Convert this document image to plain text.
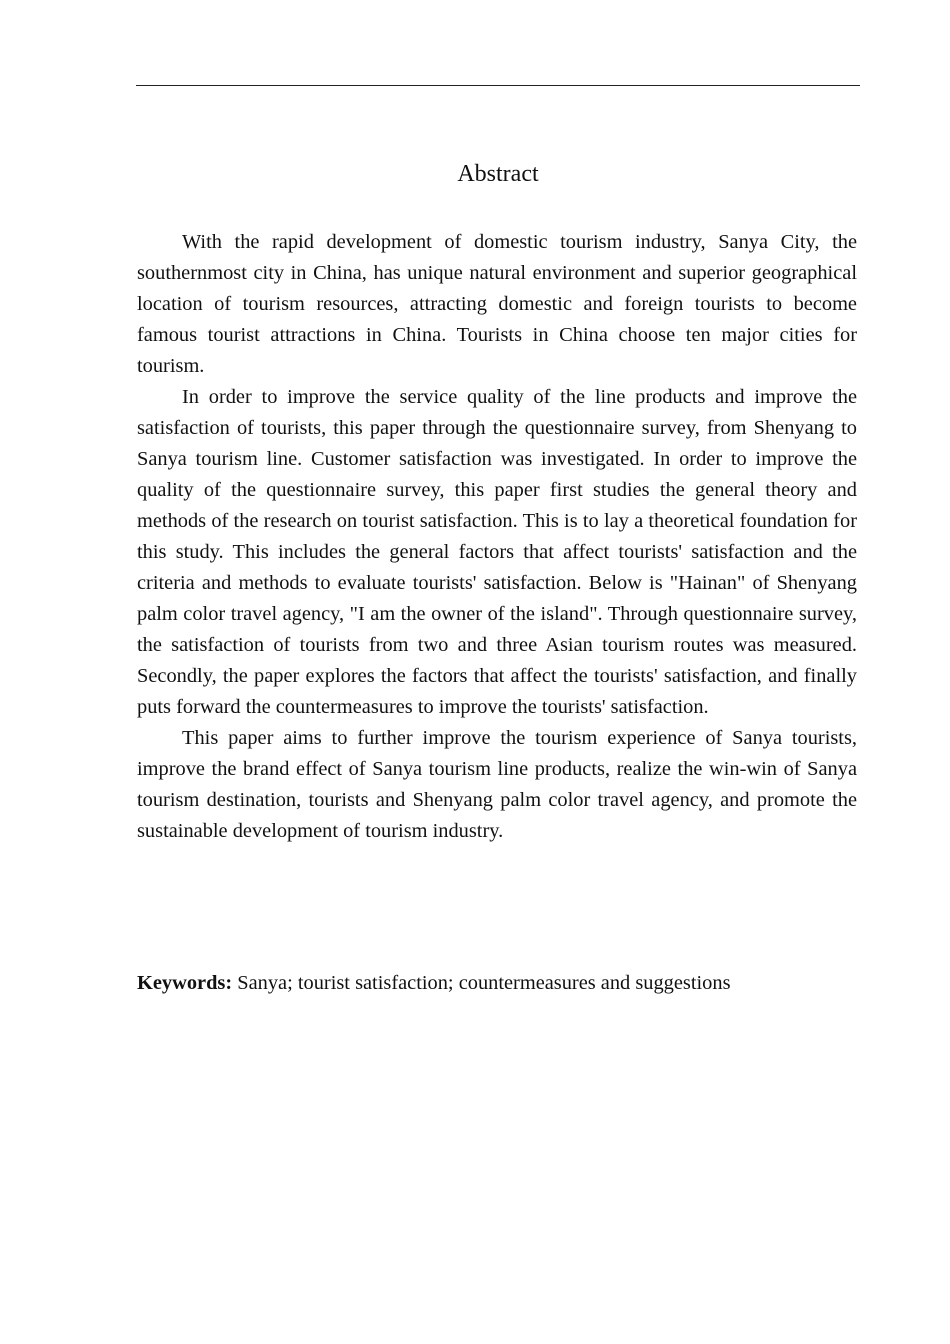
Abstract

With the rapid development of domestic tourism industry, Sanya City, the southernmost city in China, has unique natural environment and superior geographical location of tourism resources, attracting domestic and foreign tourists to become famous tourist attractions in China. Tourists in China choose ten major cities for tourism.

In order to improve the service quality of the line products and improve the satisfaction of tourists, this paper through the questionnaire survey, from Shenyang to Sanya tourism line. Customer satisfaction was investigated. In order to improve the quality of the questionnaire survey, this paper first studies the general theory and methods of the research on tourist satisfaction. This is to lay a theoretical foundation for this study. This includes the general factors that affect tourists' satisfaction and the criteria and methods to evaluate tourists' satisfaction. Below is "Hainan" of Shenyang palm color travel agency, "I am the owner of the island". Through questionnaire survey, the satisfaction of tourists from two and three Asian tourism routes was measured. Secondly, the paper explores the factors that affect the tourists' satisfaction, and finally puts forward the countermeasures to improve the tourists' satisfaction.

This paper aims to further improve the tourism experience of Sanya tourists, improve the brand effect of Sanya tourism line products, realize the win-win of Sanya tourism destination, tourists and Shenyang palm color travel agency, and promote the sustainable development of tourism industry.

Keywords: Sanya; tourist satisfaction; countermeasures and suggestions
